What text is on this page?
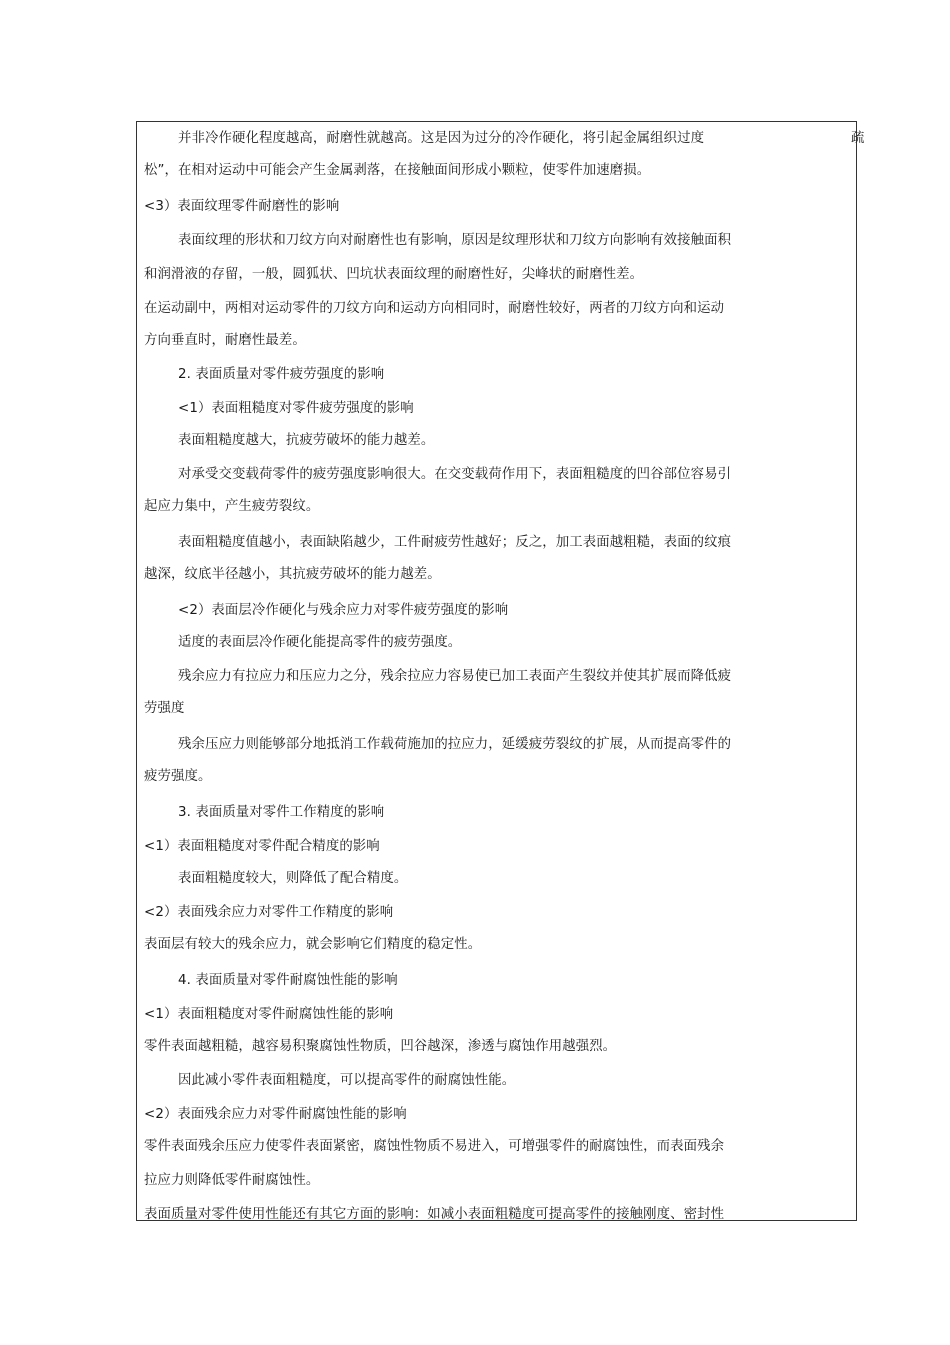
并非冷作硬化程度越高，耐磨性就越高。这是因为过分的冷作硬化，将引起金属组织过度
松”，在相对运动中可能会产生金属剥落，在接触面间形成小颗粒，使零件加速磨损。
<3）表面纹理零件耐磨性的影响
表面纹理的形状和刀纹方向对耐磨性也有影响，原因是纹理形状和刀纹方向影响有效接触面积
和润滑液的存留，一般，圆狐状、凹坑状表面纹理的耐磨性好，尖峰状的耐磨性差。
在运动副中，两相对运动零件的刀纹方向和运动方向相同时，耐磨性较好，两者的刀纹方向和运动
方向垂直时，耐磨性最差。
2. 表面质量对零件疲劳强度的影响
<1）表面粗糙度对零件疲劳强度的影响
表面粗糙度越大，抗疲劳破坏的能力越差。
对承受交变载荷零件的疲劳强度影响很大。在交变载荷作用下，表面粗糙度的凹谷部位容易引
起应力集中，产生疲劳裂纹。
表面粗糙度值越小，表面缺陷越少，工件耐疲劳性越好；反之，加工表面越粗糙，表面的纹痕
越深，纹底半径越小，其抗疲劳破坏的能力越差。
<2）表面层冷作硬化与残余应力对零件疲劳强度的影响
适度的表面层冷作硬化能提高零件的疲劳强度。
残余应力有拉应力和压应力之分，残余拉应力容易使已加工表面产生裂纹并使其扩展而降低疲
劳强度
残余压应力则能够部分地抵消工作载荷施加的拉应力，延缓疲劳裂纹的扩展，从而提高零件的
疲劳强度。
3. 表面质量对零件工作精度的影响
<1）表面粗糙度对零件配合精度的影响
表面粗糙度较大，则降低了配合精度。
<2）表面残余应力对零件工作精度的影响
表面层有较大的残余应力，就会影响它们精度的稳定性。
4. 表面质量对零件耐腐蚀性能的影响
<1）表面粗糙度对零件耐腐蚀性能的影响
零件表面越粗糙，越容易积聚腐蚀性物质，凹谷越深，渗透与腐蚀作用越强烈。
因此减小零件表面粗糙度，可以提高零件的耐腐蚀性能。
<2）表面残余应力对零件耐腐蚀性能的影响
零件表面残余压应力使零件表面紧密，腐蚀性物质不易进入，可增强零件的耐腐蚀性，而表面残余
拉应力则降低零件耐腐蚀性。
表面质量对零件使用性能还有其它方面的影响：如减小表面粗糙度可提高零件的接触刚度、密封性
疏
